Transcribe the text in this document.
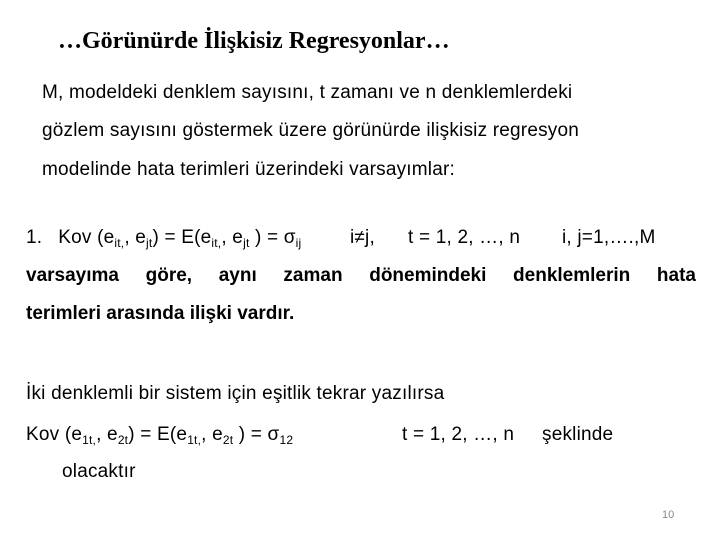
…Görünürde İlişkisiz Regresyonlar…
M, modeldeki denklem sayısını, t zamanı ve n denklemlerdeki
gözlem sayısını göstermek üzere görünürde ilişkisiz regresyon
modelinde hata terimleri üzerindeki varsayımlar:
1. Kov ($e_{it,}$, $e_{jt}) = E(e_{it,}$, $e_{jt}$ ) = $\sigma_{ij}$	i≠j, t = 1, 2, …, n i, j=1,….,M
varsayıma göre, aynı zaman dönemindeki denklemlerin hata
terimleri arasında ilişki vardır.
İki denklemli bir sistem için eşitlik tekrar yazılırsa
Kov ($e_{1t,}$, $e_{2t}) = E(e_{1t,}$, $e_{2t}$ ) = $\sigma_{12}$	t = 1, 2, …, n şeklinde
olacaktır
10
